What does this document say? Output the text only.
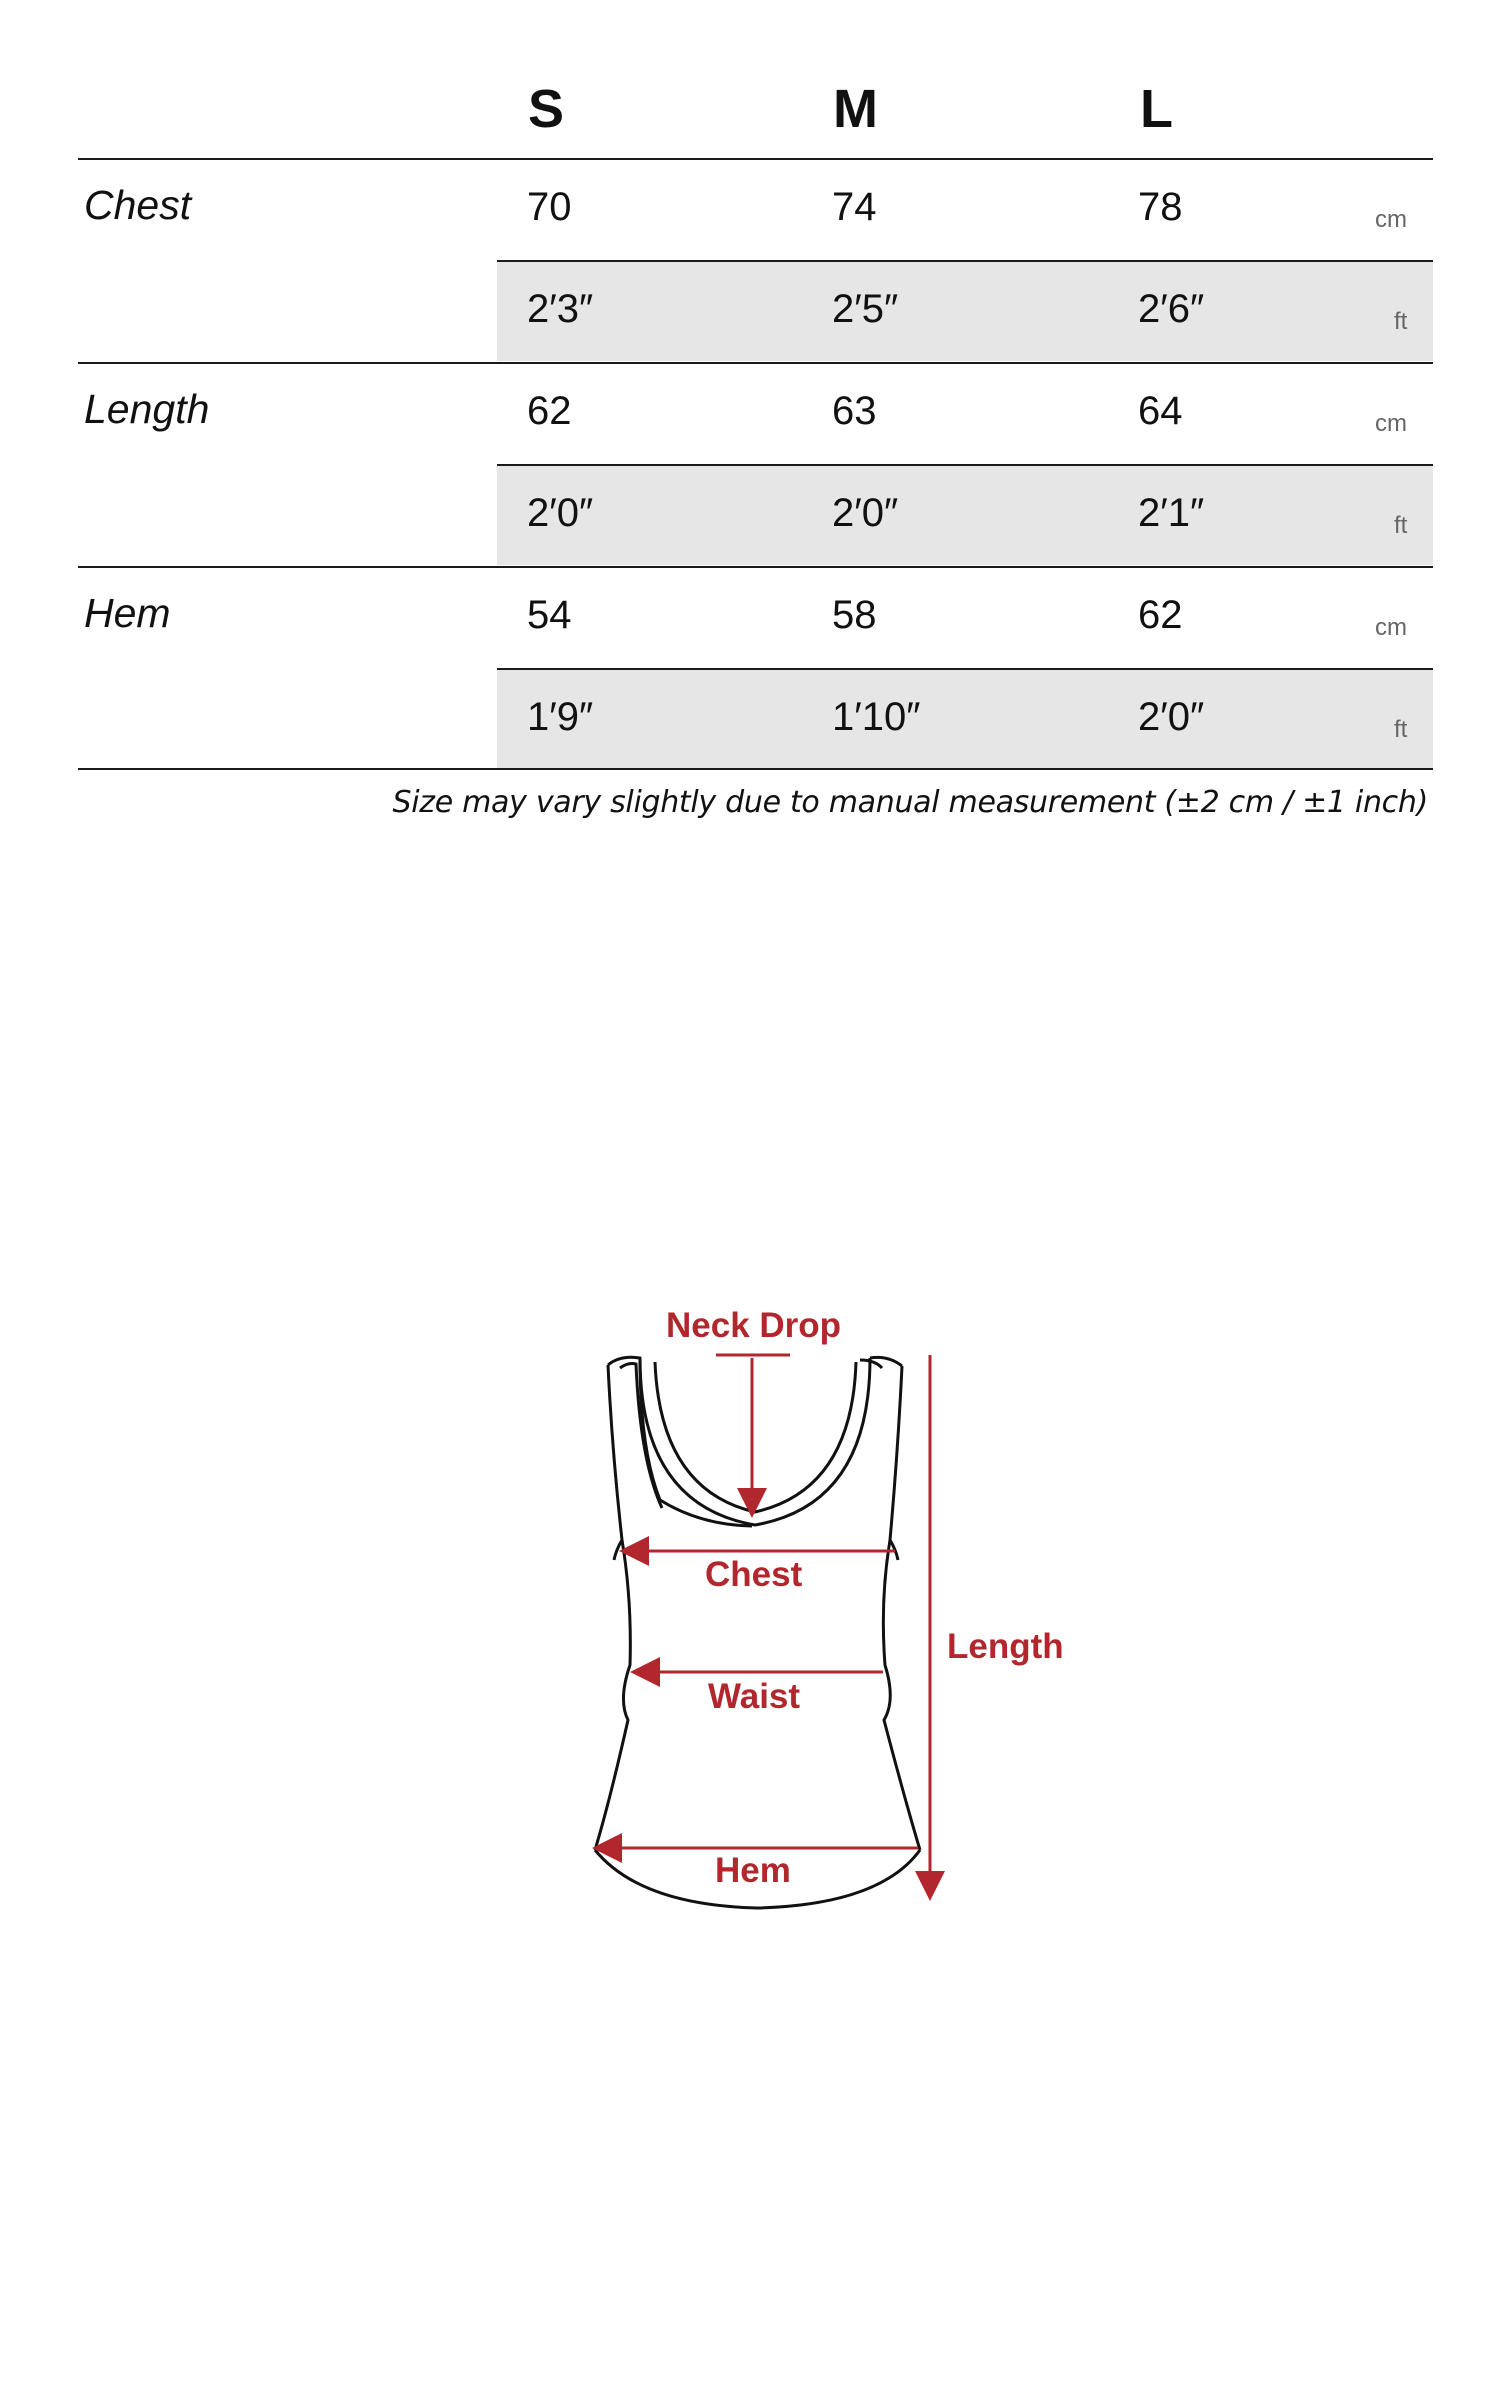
S	M	L
Chest	70	74	78	cm
2′3″	2′5″	2′6″	ft
Length	62	63	64	cm
2′0″	2′0″	2′1″	ft
Hem	54	58	62	cm
1′9″	1′10″	2′0″	ft
Size may vary slightly due to manual measurement (±2 cm / ±1 inch)
Neck Drop
Chest
Waist
Hem
Length
